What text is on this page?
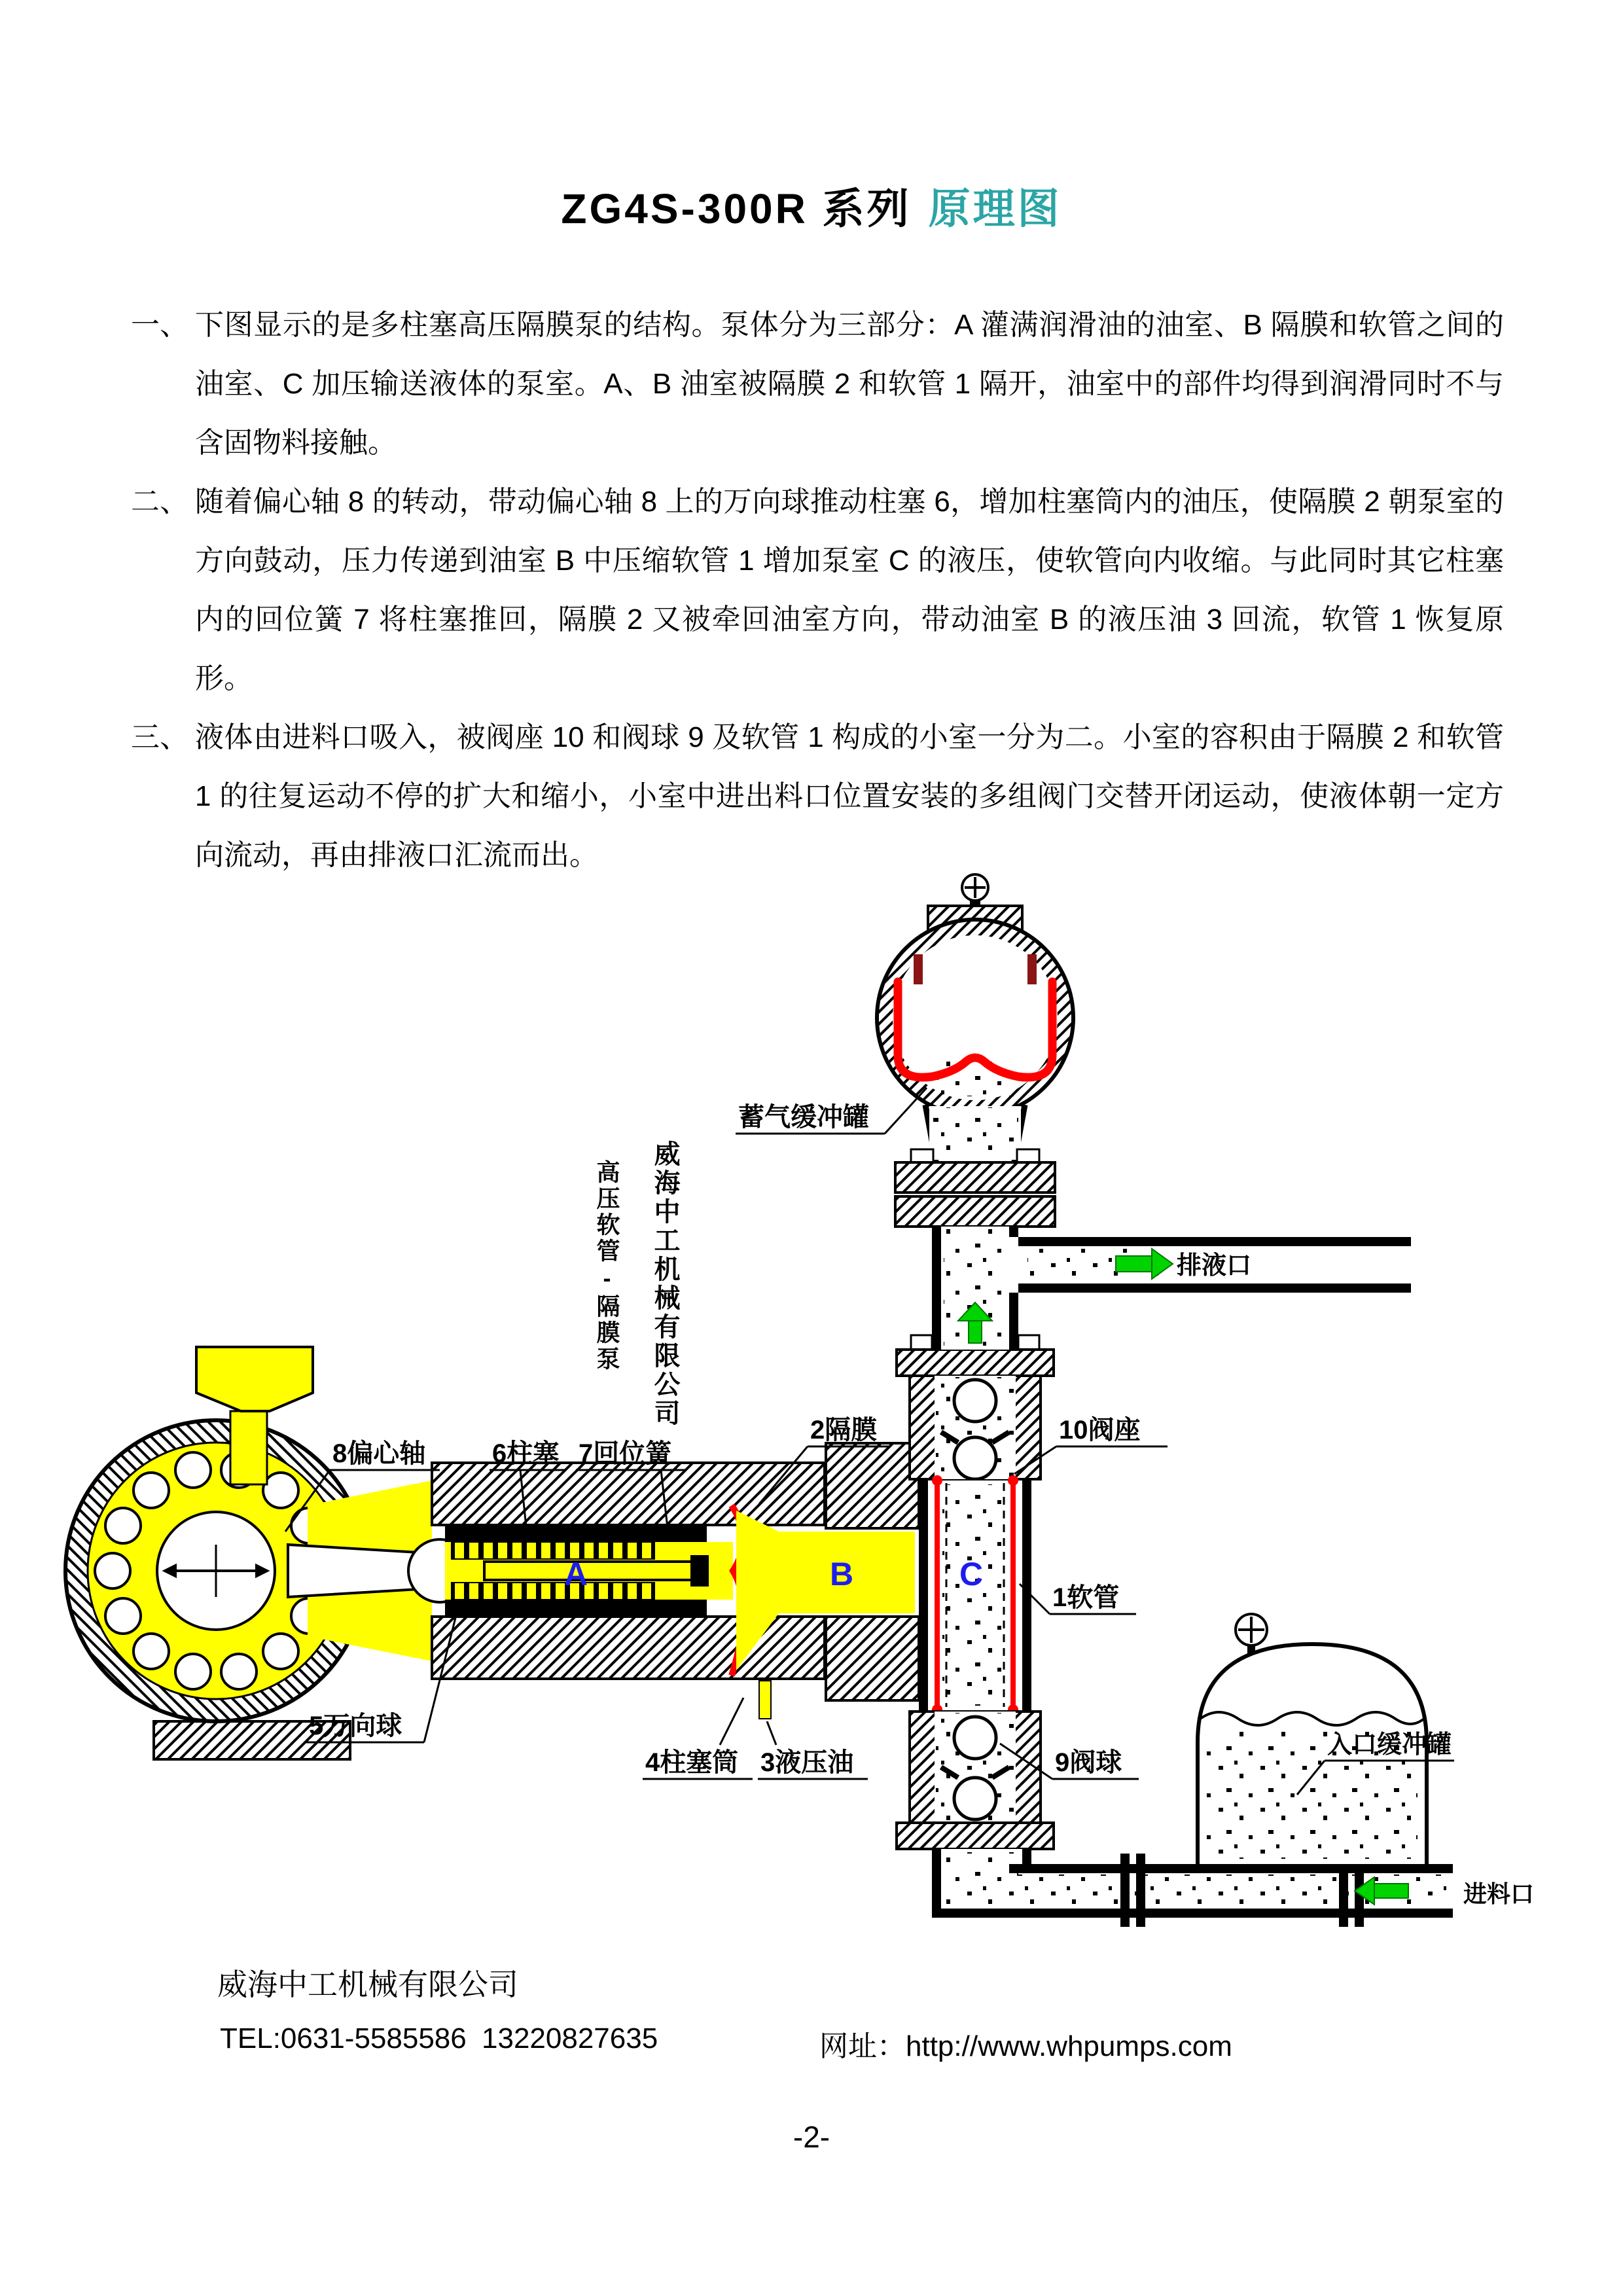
ZG4S-300R 系列 原理图
一、 下图显示的是多柱塞高压隔膜泵的结构。泵体分为三部分：A 灌满润滑油的油室、B 隔膜和软管之间的油室、C 加压输送液体的泵室。A、B 油室被隔膜 2 和软管 1 隔开，油室中的部件均得到润滑同时不与含固物料接触。
二、 随着偏心轴 8 的转动，带动偏心轴 8 上的万向球推动柱塞 6，增加柱塞筒内的油压，使隔膜 2 朝泵室的方向鼓动，压力传递到油室 B 中压缩软管 1 增加泵室 C 的液压，使软管向内收缩。与此同时其它柱塞内的回位簧 7 将柱塞推回，隔膜 2 又被牵回油室方向，带动油室 B 的液压油 3 回流，软管 1 恢复原形。
三、 液体由进料口吸入，被阀座 10 和阀球 9 及软管 1 构成的小室一分为二。小室的容积由于隔膜 2 和软管 1 的往复运动不停的扩大和缩小，小室中进出料口位置安装的多组阀门交替开闭运动，使液体朝一定方向流动，再由排液口汇流而出。
蓄气缓冲罐
排液口
8偏心轴	6柱塞 7回位簧
2隔膜	10阀座
5万向球
4柱塞筒 3液压油	9阀球
1软管
入口缓冲罐
进料口
A	B	C
威海中工机械有限公司
高压软管-隔膜泵
威海中工机械有限公司
TEL:0631-5585586 13220827635	网址：http://www.whpumps.com
-2-
